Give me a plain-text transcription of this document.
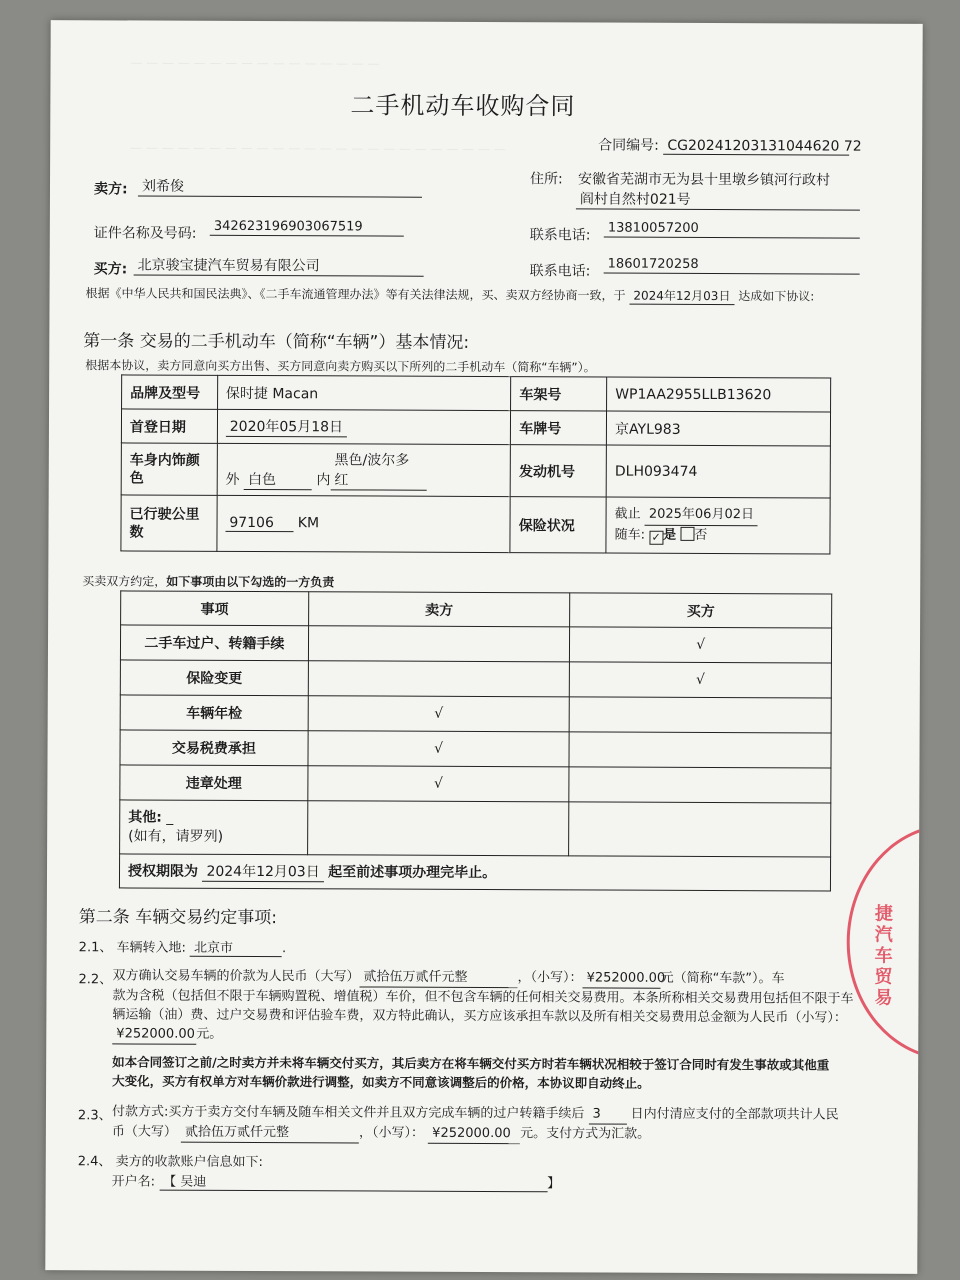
— — — — — — — — — — — — — — — —
— — — — — — — — — — — — — — — — — — — — — — — —
二手机动车收购合同
合同编号: CG20241203131044620 72
卖方: 刘希俊	住所: 安徽省芜湖市无为县十里墩乡镇河行政村
阎村自然村021号
证件名称及号码:	342623196903067519
联系电话:	13810057200
买方: 北京骏宝捷汽车贸易有限公司	联系电话:	18601720258
根据《中华人民共和国民法典》、《二手车流通管理办法》等有关法律法规，买、卖双方经协商一致，于 2024年12月03日 达成如下协议:
第一条 交易的二手机动车（简称“车辆”）基本情况:
根据本协议，卖方同意向买方出售、买方同意向卖方购买以下所列的二手机动车（简称“车辆”）。
品牌及型号	保时捷 Macan	车架号	WP1AA2955LLB13620
首登日期	2020年05月18日	车牌号	京AYL983
车身内饰颜
色	外 白色 内黑色/波尔多红	发动机号	DLH093474
已行驶公里
数	97106 KM	保险状况	截止 2025年06月02日
随车: ✓ 是 否
买卖双方约定，如下事项由以下勾选的一方负责
事项	卖方	买方
二手车过户、转籍手续		√
保险变更		√
车辆年检	√	
交易税费承担	√	
违章处理	√	
其他: _
(如有，请罗列)		
授权期限为 2024年12月03日 起至前述事项办理完毕止。		
第二条 车辆交易约定事项:
2.1、 车辆转入地: 北京市	.
2.2、 双方确认交易车辆的价款为人民币（大写） 贰拾伍万贰仟元整	，（小写）： ¥252000.00元（简称“车款”）。车
款为含税（包括但不限于车辆购置税、增值税）车价，但不包含车辆的任何相关交易费用。本条所称相关交易费用包括但不限于车
辆运输（油）费、过户交易费和评估验车费，双方特此确认，买方应该承担车款以及所有相关交易费用总金额为人民币（小写）：
¥252000.00元。
如本合同签订之前/之时卖方并未将车辆交付买方，其后卖方在将车辆交付买方时若车辆状况相较于签订合同时有发生事故或其他重
大变化，买方有权单方对车辆价款进行调整，如卖方不同意该调整后的价格，本协议即自动终止。
2.3、 付款方式:买方于卖方交付车辆及随车相关文件并且双方完成车辆的过户转籍手续后 3 日内付清应支付的全部款项共计人民
币（大写） 贰拾伍万贰仟元整	，（小写）： ¥252000.00 元。支付方式为汇款。
2.4、 卖方的收款账户信息如下:
开户名: 【 吴迪	】
捷汽车贸易
